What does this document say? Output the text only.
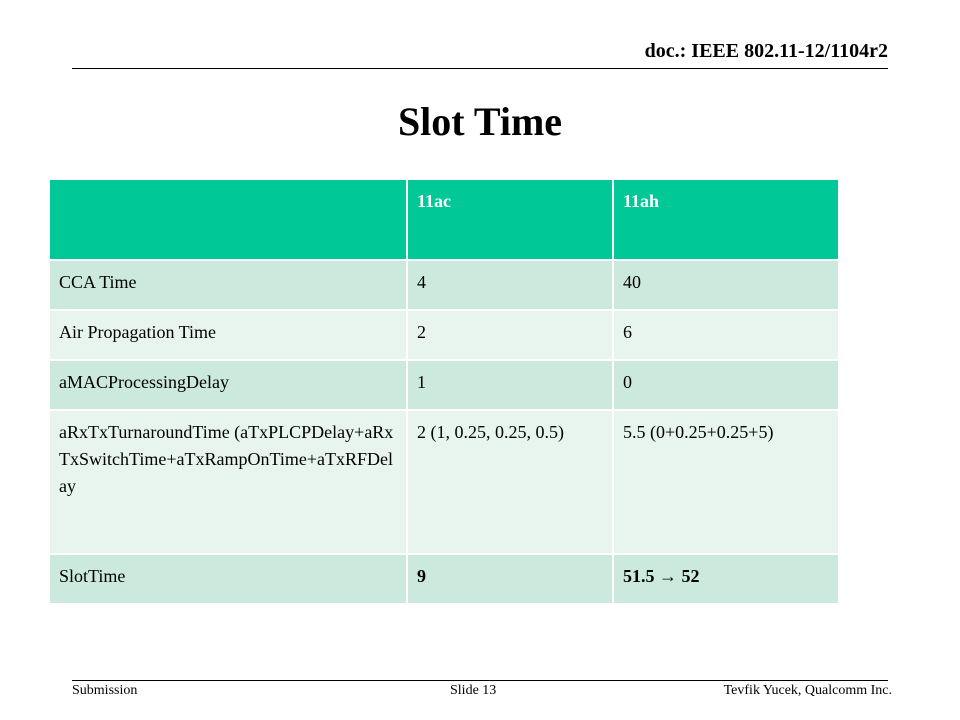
doc.: IEEE 802.11-12/1104r2
Slot Time
	11ac	11ah
CCA Time	4	40
Air Propagation Time	2	6
aMACProcessingDelay	1	0
aRxTxTurnaroundTime (aTxPLCPDelay+aRxTxSwitchTime+aTxRampOnTime+aTxRFDelay	2 (1, 0.25, 0.25, 0.5)	5.5 (0+0.25+0.25+5)
SlotTime	9	51.5 → 52
Submission	Slide 13	Tevfik Yucek, Qualcomm Inc.
